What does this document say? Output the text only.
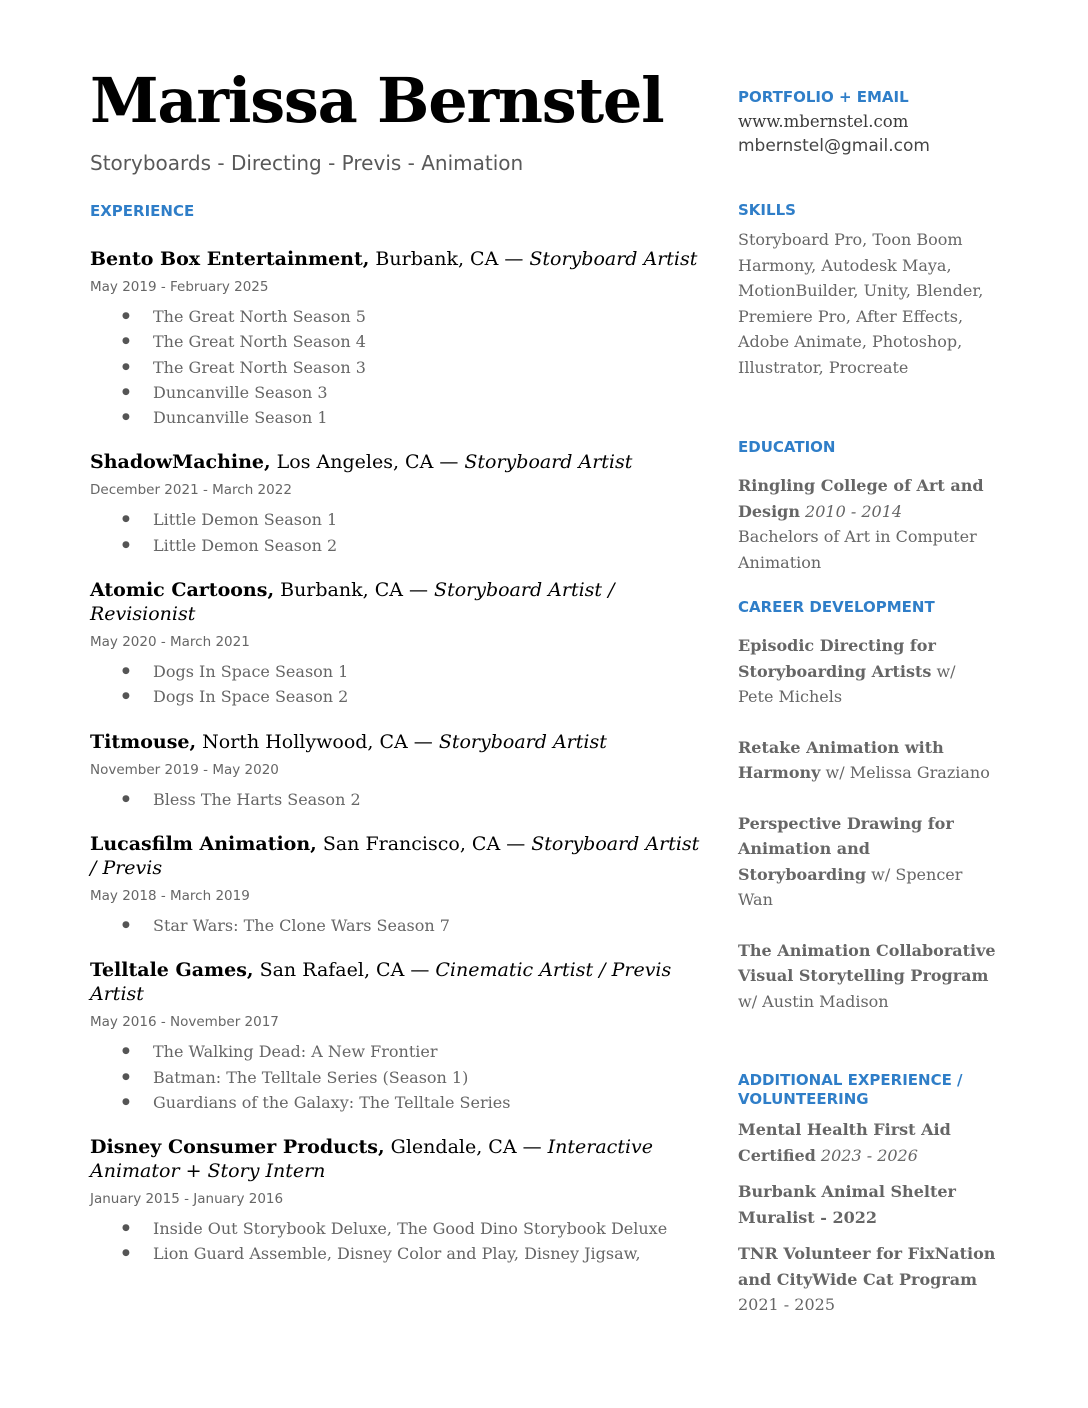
Marissa Bernstel
Storyboards - Directing - Previs - Animation
EXPERIENCE
Bento Box Entertainment, Burbank, CA — Storyboard Artist
May 2019 - February 2025
● The Great North Season 5
● The Great North Season 4
● The Great North Season 3
● Duncanville Season 3
● Duncanville Season 1
ShadowMachine, Los Angeles, CA — Storyboard Artist
December 2021 - March 2022
● Little Demon Season 1
● Little Demon Season 2
Atomic Cartoons, Burbank, CA — Storyboard Artist / Revisionist
May 2020 - March 2021
● Dogs In Space Season 1
● Dogs In Space Season 2
Titmouse, North Hollywood, CA — Storyboard Artist
November 2019 - May 2020
● Bless The Harts Season 2
Lucasfilm Animation, San Francisco, CA — Storyboard Artist / Previs
May 2018 - March 2019
● Star Wars: The Clone Wars Season 7
Telltale Games, San Rafael, CA — Cinematic Artist / Previs Artist
May 2016 - November 2017
● The Walking Dead: A New Frontier
● Batman: The Telltale Series (Season 1)
● Guardians of the Galaxy: The Telltale Series
Disney Consumer Products, Glendale, CA — Interactive Animator + Story Intern
January 2015 - January 2016
● Inside Out Storybook Deluxe, The Good Dino Storybook Deluxe
● Lion Guard Assemble, Disney Color and Play, Disney Jigsaw,
PORTFOLIO + EMAIL
www.mbernstel.com
mbernstel@gmail.com
SKILLS
Storyboard Pro, Toon Boom Harmony, Autodesk Maya, MotionBuilder, Unity, Blender, Premiere Pro, After Effects, Adobe Animate, Photoshop, Illustrator, Procreate
EDUCATION
Ringling College of Art and Design 2010 - 2014
Bachelors of Art in Computer Animation
CAREER DEVELOPMENT
Episodic Directing for Storyboarding Artists w/ Pete Michels
Retake Animation with Harmony w/ Melissa Graziano
Perspective Drawing for Animation and Storyboarding w/ Spencer Wan
The Animation Collaborative Visual Storytelling Program w/ Austin Madison
ADDITIONAL EXPERIENCE / VOLUNTEERING
Mental Health First Aid Certified 2023 - 2026
Burbank Animal Shelter Muralist - 2022
TNR Volunteer for FixNation and CityWide Cat Program
2021 - 2025
